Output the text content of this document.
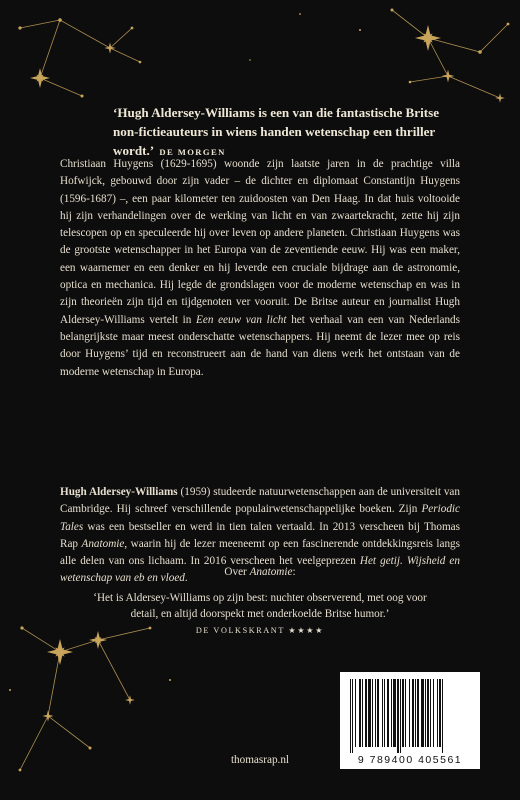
‘Hugh Aldersey-Williams is een van die fantastische Britse non-fictieauteurs in wiens handen wetenschap een thriller wordt.’ DE MORGEN

Christiaan Huygens (1629-1695) woonde zijn laatste jaren in de prachtige villa Hofwijck, gebouwd door zijn vader – de dichter en diplomaat Constantijn Huygens (1596-1687) –, een paar kilometer ten zuidoosten van Den Haag. In dat huis voltooide hij zijn verhandelingen over de werking van licht en van zwaartekracht, zette hij zijn telescopen op en speculeerde hij over leven op andere planeten. Christiaan Huygens was de grootste wetenschapper in het Europa van de zeventiende eeuw. Hij was een maker, een waarnemer en een denker en hij leverde een cruciale bijdrage aan de astronomie, optica en mechanica. Hij legde de grondslagen voor de moderne wetenschap en was in zijn theorieën zijn tijd en tijdgenoten ver vooruit. De Britse auteur en journalist Hugh Aldersey-Williams vertelt in Een eeuw van licht het verhaal van een van Nederlands belangrijkste maar meest onderschatte wetenschappers. Hij neemt de lezer mee op reis door Huygens’ tijd en reconstrueert aan de hand van diens werk het ontstaan van de moderne wetenschap in Europa.

Hugh Aldersey-Williams (1959) studeerde natuurwetenschappen aan de universiteit van Cambridge. Hij schreef verschillende populairwetenschappelijke boeken. Zijn Periodic Tales was een bestseller en werd in tien talen vertaald. In 2013 verscheen bij Thomas Rap Anatomie, waarin hij de lezer meeneemt op een fascinerende ontdekkingsreis langs alle delen van ons lichaam. In 2016 verscheen het veelgeprezen Het getij. Wijsheid en wetenschap van eb en vloed.

Over Anatomie:
‘Het is Aldersey-Williams op zijn best: nuchter observerend, met oog voor detail, en altijd doorspekt met onderkoelde Britse humor.’
DE VOLKSKRANT ★★★★
9 789400 405561
thomasrap.nl
